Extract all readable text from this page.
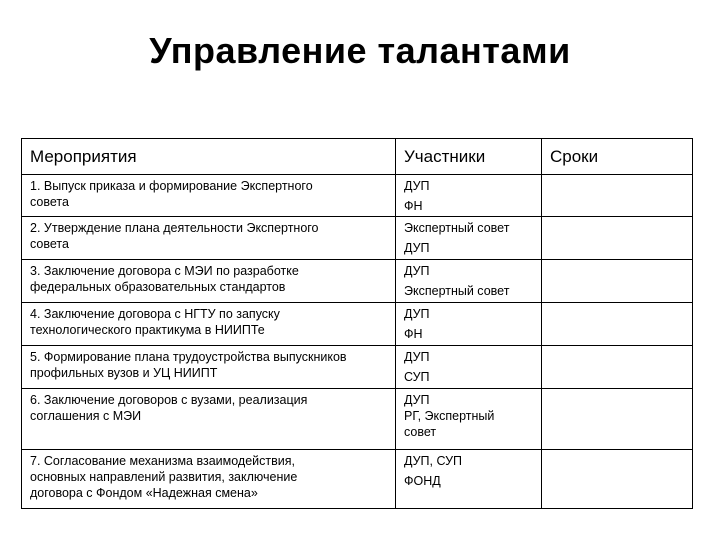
Управление талантами
Мероприятия	Участники	Сроки

1. Выпуск приказа и формирование Экспертного
совета	ДУП
ФН	

2. Утверждение плана деятельности Экспертного
совета	Экспертный совет
ДУП	

3. Заключение договора с МЭИ по разработке
федеральных образовательных стандартов	ДУП
Экспертный совет	

4. Заключение договора с НГТУ по запуску
технологического практикума в НИИПТе	ДУП
ФН	

5. Формирование плана трудоустройства выпускников
профильных вузов и УЦ НИИПТ	ДУП
СУП	

6. Заключение договоров с вузами, реализация
соглашения с МЭИ	ДУП
РГ, Экспертный
совет	

7. Согласование механизма взаимодействия,
основных направлений развития, заключение
договора с Фондом «Надежная смена»	ДУП, СУП
ФОНД	
